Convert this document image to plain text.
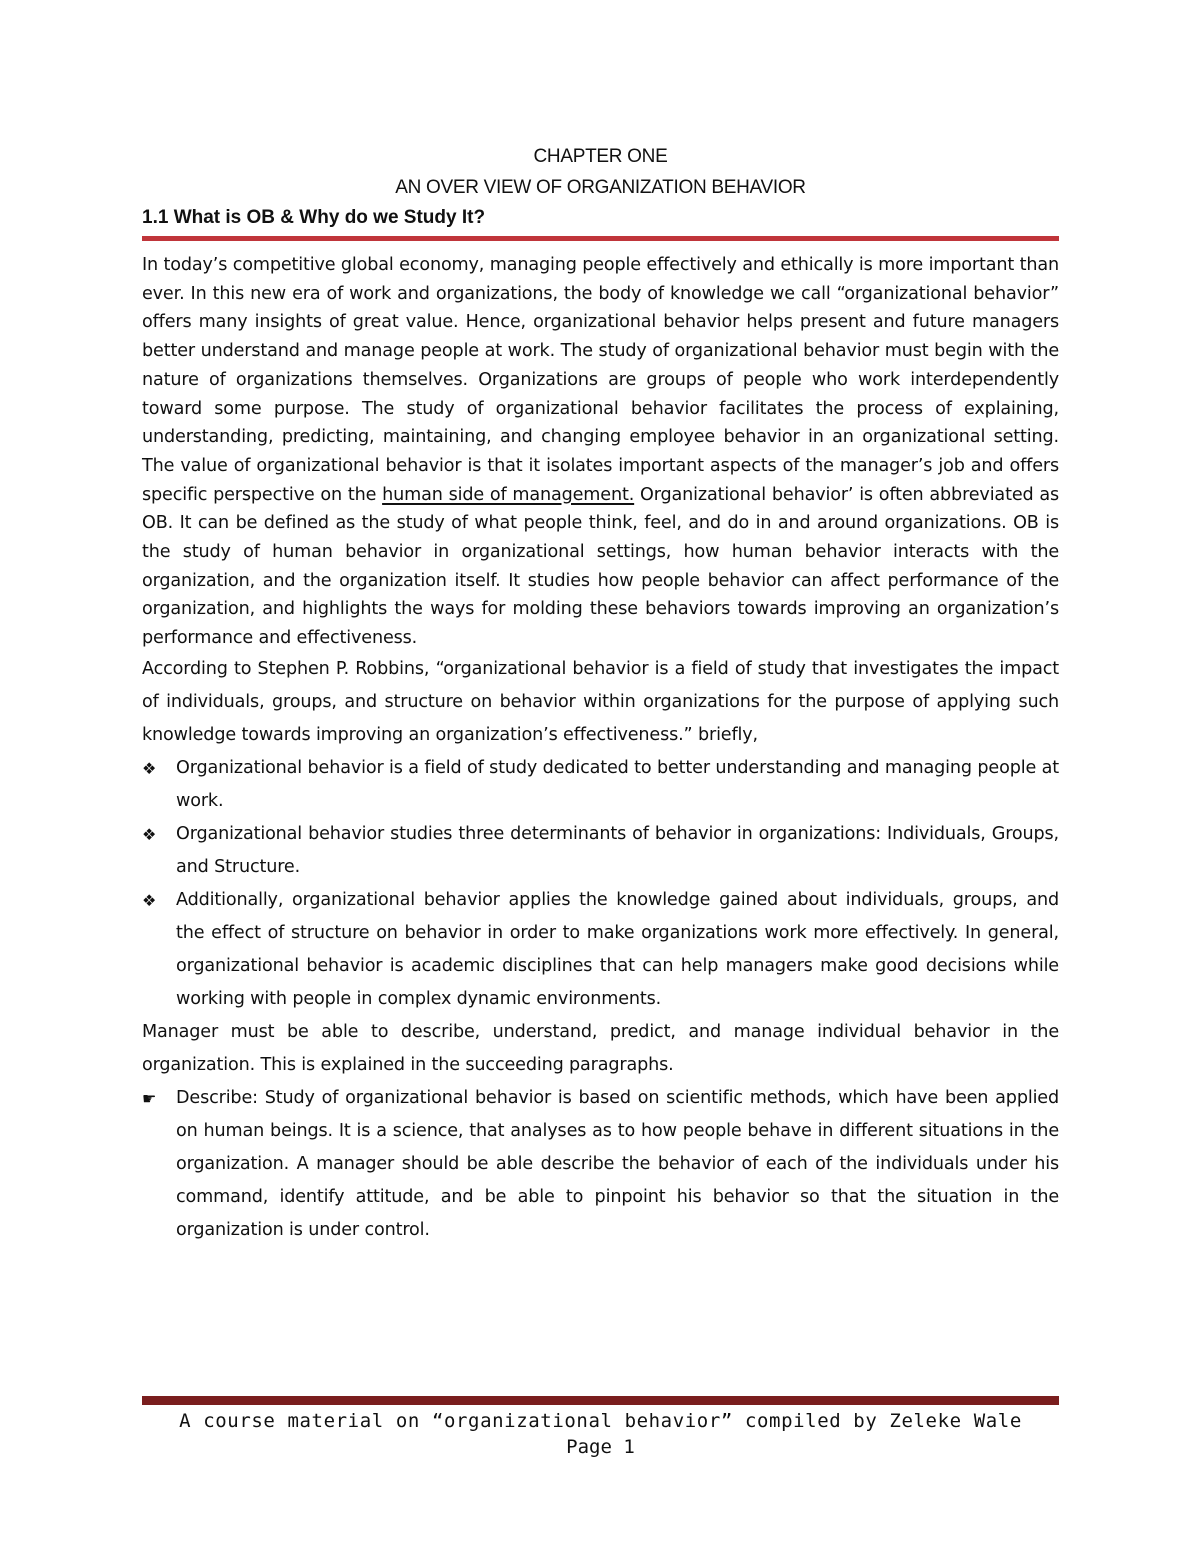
CHAPTER ONE

AN OVER VIEW OF ORGANIZATION BEHAVIOR

1.1 What is OB & Why do we Study It?

In today’s competitive global economy, managing people effectively and ethically is more important than ever. In this new era of work and organizations, the body of knowledge we call “organizational behavior” offers many insights of great value. Hence, organizational behavior helps present and future managers better understand and manage people at work. The study of organizational behavior must begin with the nature of organizations themselves. Organizations are groups of people who work interdependently toward some purpose. The study of organizational behavior facilitates the process of explaining, understanding, predicting, maintaining, and changing employee behavior in an organizational setting. The value of organizational behavior is that it isolates important aspects of the manager’s job and offers specific perspective on the human side of management. Organizational behavior’ is often abbreviated as OB. It can be defined as the study of what people think, feel, and do in and around organizations. OB is the study of human behavior in organizational settings, how human behavior interacts with the organization, and the organization itself. It studies how people behavior can affect performance of the organization, and highlights the ways for molding these behaviors towards improving an organization’s performance and effectiveness.

According to Stephen P. Robbins, “organizational behavior is a field of study that investigates the impact of individuals, groups, and structure on behavior within organizations for the purpose of applying such knowledge towards improving an organization’s effectiveness.” briefly,

❖	Organizational behavior is a field of study dedicated to better understanding and managing people at work.
❖	Organizational behavior studies three determinants of behavior in organizations: Individuals, Groups, and Structure.
❖	Additionally, organizational behavior applies the knowledge gained about individuals, groups, and the effect of structure on behavior in order to make organizations work more effectively. In general, organizational behavior is academic disciplines that can help managers make good decisions while working with people in complex dynamic environments.

Manager must be able to describe, understand, predict, and manage individual behavior in the organization. This is explained in the succeeding paragraphs.

☛	Describe: Study of organizational behavior is based on scientific methods, which have been applied on human beings. It is a science, that analyses as to how people behave in different situations in the organization. A manager should be able describe the behavior of each of the individuals under his command, identify attitude, and be able to pinpoint his behavior so that the situation in the organization is under control.
A course material on “organizational behavior” compiled by Zeleke Wale
Page 1
